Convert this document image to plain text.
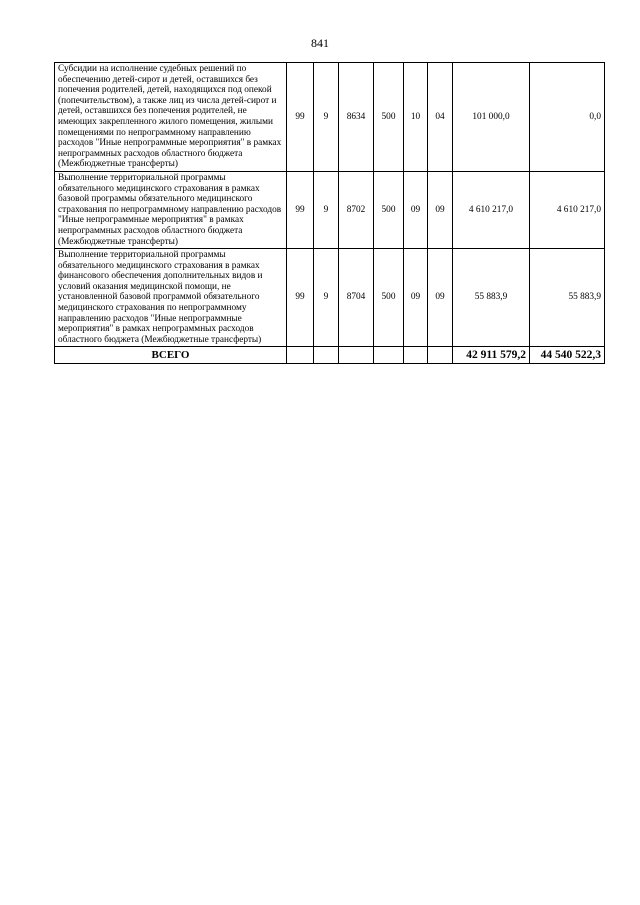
841
Субсидии на исполнение судебных решений по обеспечению детей-сирот и детей, оставшихся без попечения родителей, детей, находящихся под опекой (попечительством), а также лиц из числа детей-сирот и детей, оставшихся без попечения родителей, не имеющих закрепленного жилого помещения, жилыми помещениями по непрограммному направлению расходов "Иные непрограммные мероприятия" в рамках непрограммных расходов областного бюджета (Межбюджетные трансферты)	99	9	8634	500	10	04	101 000,0	0,0
Выполнение территориальной программы обязательного медицинского страхования в рамках базовой программы обязательного медицинского страхования по непрограммному направлению расходов "Иные непрограммные мероприятия" в рамках непрограммных расходов областного бюджета (Межбюджетные трансферты)	99	9	8702	500	09	09	4 610 217,0	4 610 217,0
Выполнение территориальной программы обязательного медицинского страхования в рамках финансового обеспечения дополнительных видов и условий оказания медицинской помощи, не установленной базовой программой обязательного медицинского страхования по непрограммному направлению расходов "Иные непрограммные мероприятия" в рамках непрограммных расходов областного бюджета (Межбюджетные трансферты)	99	9	8704	500	09	09	55 883,9	55 883,9
ВСЕГО							42 911 579,2	44 540 522,3
